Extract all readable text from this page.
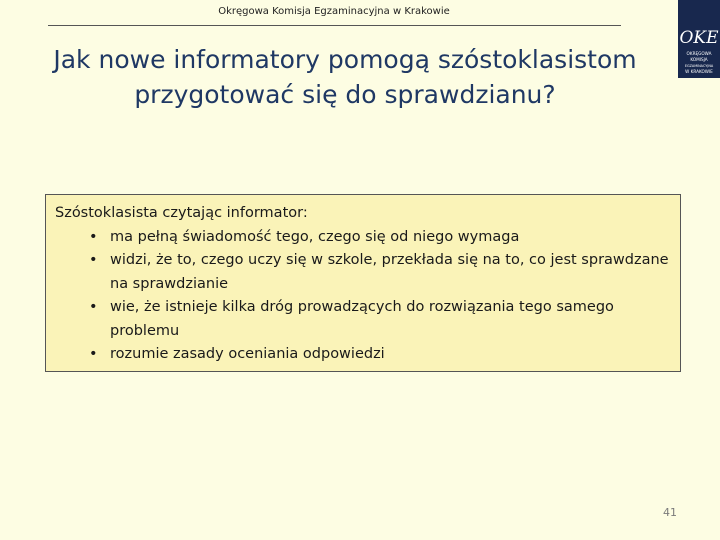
Okręgowa Komisja Egzaminacyjna w Krakowie
OKE
OKRĘGOWA
KOMISJA
EGZAMINACYJNA
W KRAKOWIE
Jak nowe informatory pomogą szóstoklasistom
przygotować się do sprawdzianu?

Szóstoklasista czytając informator:

• ma pełną świadomość tego, czego się od niego wymaga
• widzi, że to, czego uczy się w szkole, przekłada się na to, co jest sprawdzane na sprawdzianie
• wie, że istnieje kilka dróg prowadzących do rozwiązania tego samego problemu
• rozumie zasady oceniania odpowiedzi
41
